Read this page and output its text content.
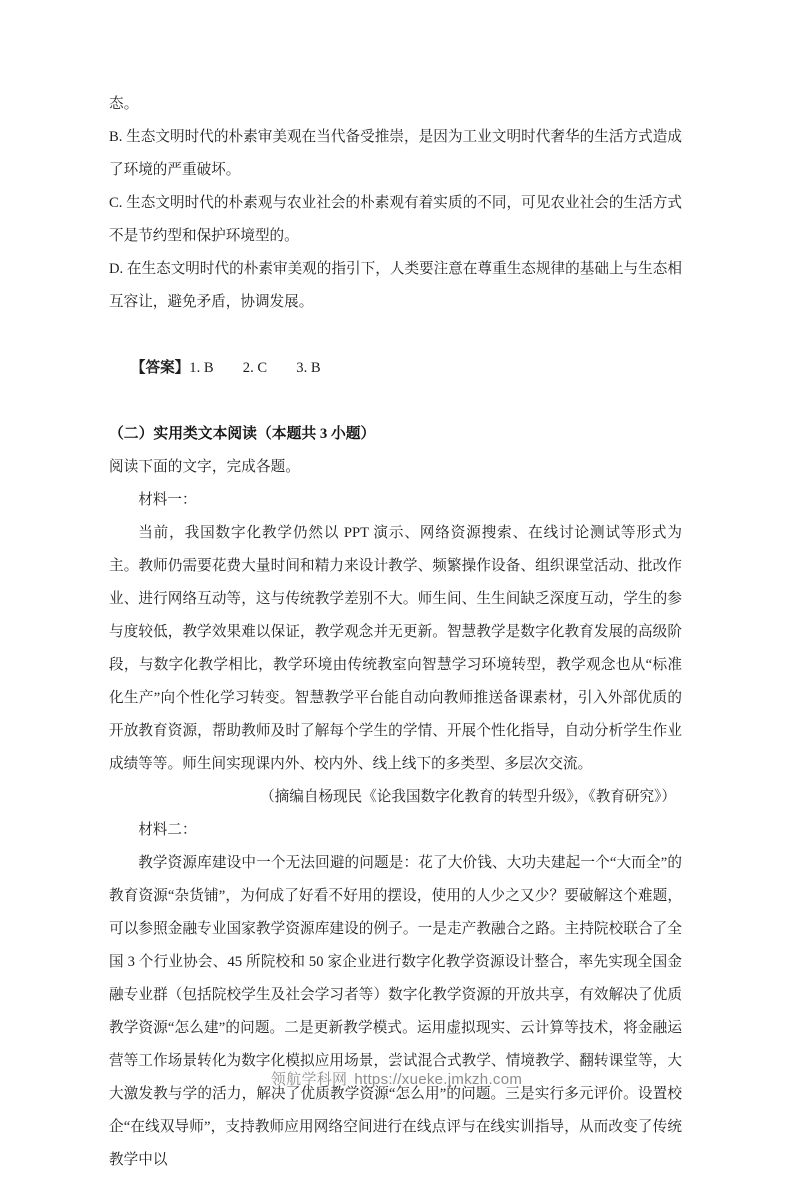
态。
B. 生态文明时代的朴素审美观在当代备受推崇，是因为工业文明时代奢华的生活方式造成了环境的严重破坏。
C. 生态文明时代的朴素观与农业社会的朴素观有着实质的不同，可见农业社会的生活方式不是节约型和保护环境型的。
D. 在生态文明时代的朴素审美观的指引下，人类要注意在尊重生态规律的基础上与生态相互容让，避免矛盾，协调发展。

【答案】1. B　　2. C　　3. B

（二）实用类文本阅读（本题共 3 小题）
阅读下面的文字，完成各题。
材料一：
当前，我国数字化教学仍然以 PPT 演示、网络资源搜索、在线讨论测试等形式为主。教师仍需要花费大量时间和精力来设计教学、频繁操作设备、组织课堂活动、批改作业、进行网络互动等，这与传统教学差别不大。师生间、生生间缺乏深度互动，学生的参与度较低，教学效果难以保证，教学观念并无更新。智慧教学是数字化教育发展的高级阶段，与数字化教学相比，教学环境由传统教室向智慧学习环境转型，教学观念也从“标准化生产”向个性化学习转变。智慧教学平台能自动向教师推送备课素材，引入外部优质的开放教育资源，帮助教师及时了解每个学生的学情、开展个性化指导，自动分析学生作业成绩等等。师生间实现课内外、校内外、线上线下的多类型、多层次交流。
（摘编自杨现民《论我国数字化教育的转型升级》，《教育研究》）
材料二：
教学资源库建设中一个无法回避的问题是：花了大价钱、大功夫建起一个“大而全”的教育资源“杂货铺”，为何成了好看不好用的摆设，使用的人少之又少？要破解这个难题，可以参照金融专业国家教学资源库建设的例子。一是走产教融合之路。主持院校联合了全国 3 个行业协会、45 所院校和 50 家企业进行数字化教学资源设计整合，率先实现全国金融专业群（包括院校学生及社会学习者等）数字化教学资源的开放共享，有效解决了优质教学资源“怎么建”的问题。二是更新教学模式。运用虚拟现实、云计算等技术，将金融运营等工作场景转化为数字化模拟应用场景，尝试混合式教学、情境教学、翻转课堂等，大大激发教与学的活力，解决了优质教学资源“怎么用”的问题。三是实行多元评价。设置校企“在线双导师”，支持教师应用网络空间进行在线点评与在线实训指导，从而改变了传统教学中以
领航学科网 https://xueke.jmkzh.com
